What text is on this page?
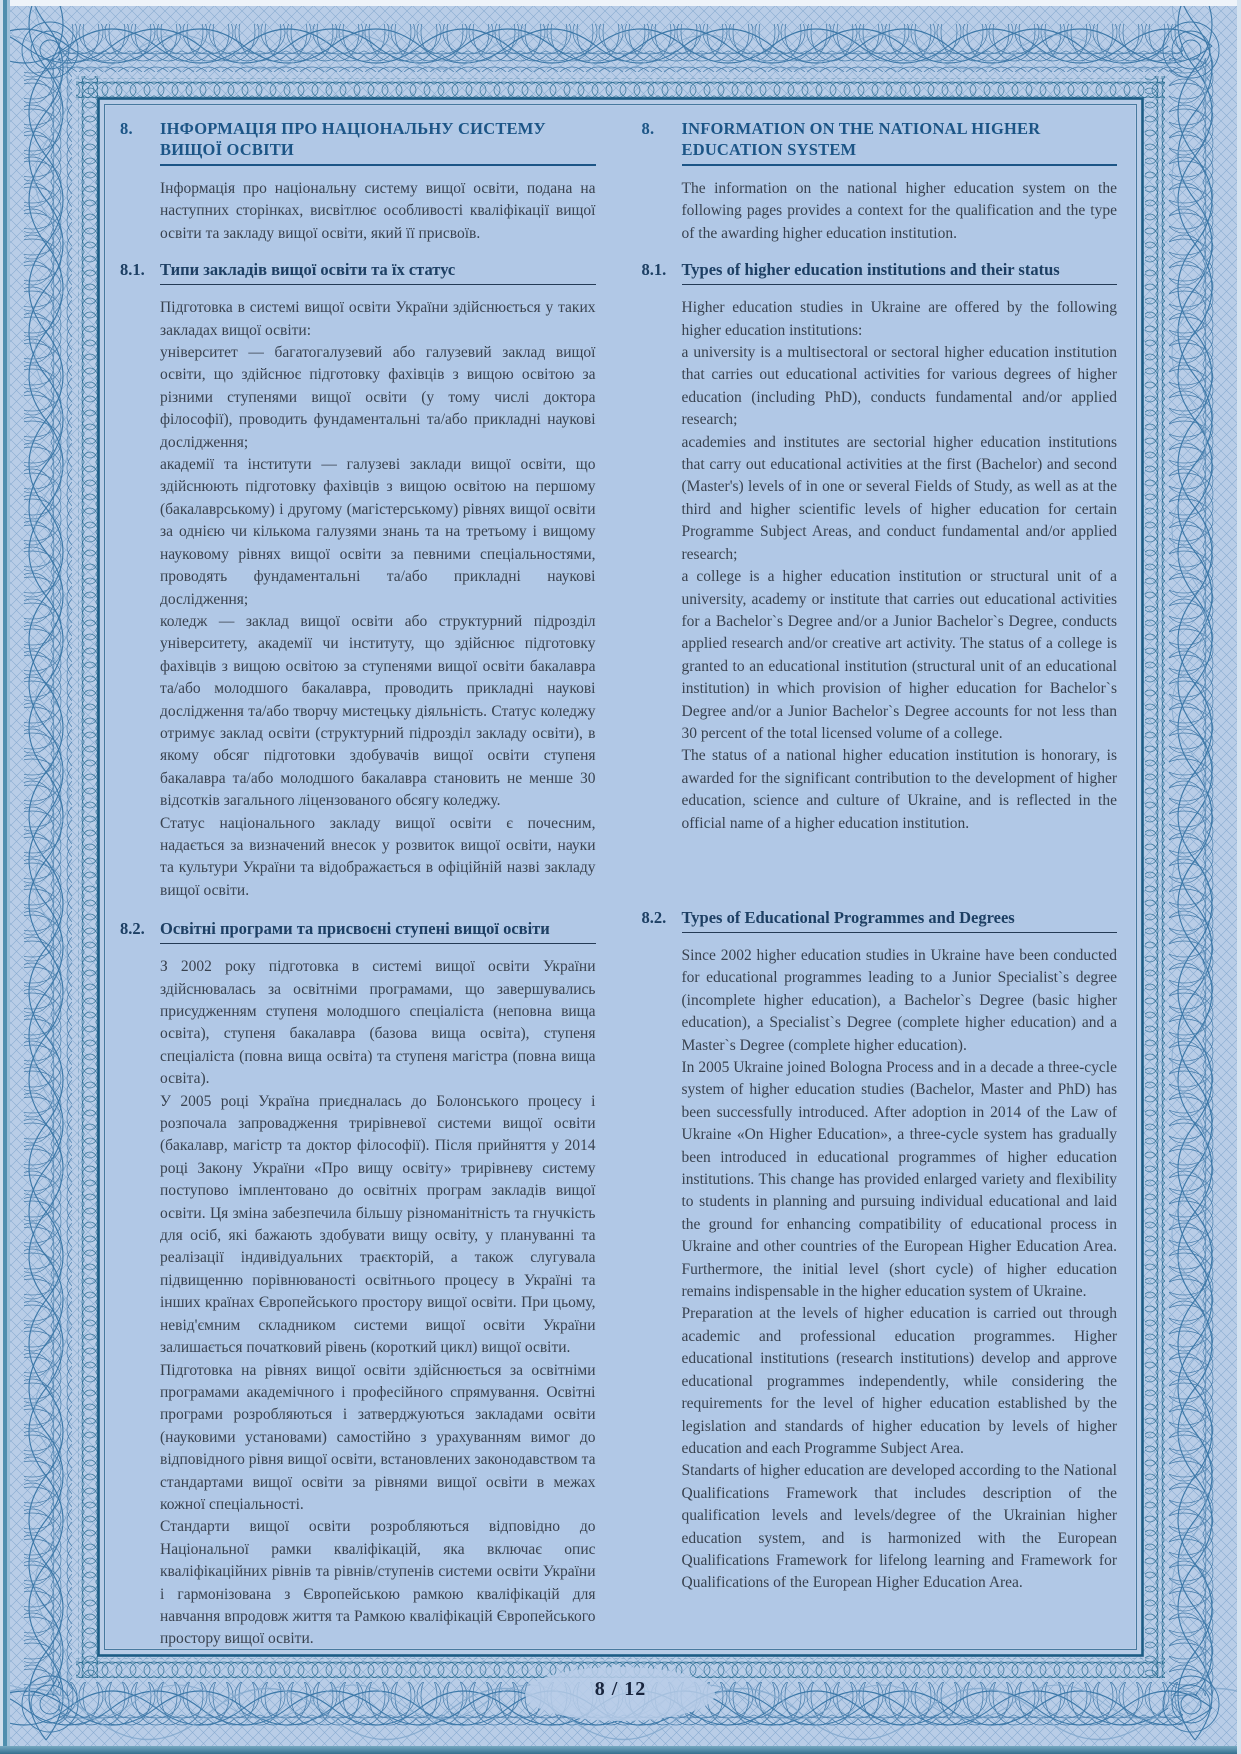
8.	ІНФОРМАЦІЯ ПРО НАЦІОНАЛЬНУ СИСТЕМУ ВИЩОЇ ОСВІТИ

Інформація про національну систему вищої освіти, подана на наступних сторінках, висвітлює особливості кваліфікації вищої освіти та закладу вищої освіти, який її присвоїв.

8.1. Типи закладів вищої освіти та їх статус

Підготовка в системі вищої освіти України здійснюється у таких закладах вищої освіти:

університет — багатогалузевий або галузевий заклад вищої освіти, що здійснює підготовку фахівців з вищою освітою за різними ступенями вищої освіти (у тому числі доктора філософії), проводить фундаментальні та/або прикладні наукові дослідження;

академії та інститути — галузеві заклади вищої освіти, що здійснюють підготовку фахівців з вищою освітою на першому (бакалаврському) і другому (магістерському) рівнях вищої освіти за однією чи кількома галузями знань та на третьому і вищому науковому рівнях вищої освіти за певними спеціальностями, проводять фундаментальні та/або прикладні наукові дослідження;

коледж — заклад вищої освіти або структурний підрозділ університету, академії чи інституту, що здійснює підготовку фахівців з вищою освітою за ступенями вищої освіти бакалавра та/або молодшого бакалавра, проводить прикладні наукові дослідження та/або творчу мистецьку діяльність. Статус коледжу отримує заклад освіти (структурний підрозділ закладу освіти), в якому обсяг підготовки здобувачів вищої освіти ступеня бакалавра та/або молодшого бакалавра становить не менше 30 відсотків загального ліцензованого обсягу коледжу.

Статус національного закладу вищої освіти є почесним, надається за визначений внесок у розвиток вищої освіти, науки та культури України та відображається в офіційній назві закладу вищої освіти.

8.2. Освітні програми та присвоєні ступені вищої освіти

З 2002 року підготовка в системі вищої освіти України здійснювалась за освітніми програмами, що завершувались присудженням ступеня молодшого спеціаліста (неповна вища освіта), ступеня бакалавра (базова вища освіта), ступеня спеціаліста (повна вища освіта) та ступеня магістра (повна вища освіта).

У 2005 році Україна приєдналась до Болонського процесу і розпочала запровадження трирівневої системи вищої освіти (бакалавр, магістр та доктор філософії). Після прийняття у 2014 році Закону України «Про вищу освіту» трирівневу систему поступово імплентовано до освітніх програм закладів вищої освіти. Ця зміна забезпечила більшу різноманітність та гнучкість для осіб, які бажають здобувати вищу освіту, у плануванні та реалізації індивідуальних траєкторій, а також слугувала підвищенню порівнюваності освітнього процесу в Україні та інших країнах Європейського простору вищої освіти. При цьому, невід'ємним складником системи вищої освіти України залишається початковий рівень (короткий цикл) вищої освіти.

Підготовка на рівнях вищої освіти здійснюється за освітніми програмами академічного і професійного спрямування. Освітні програми розробляються і затверджуються закладами освіти (науковими установами) самостійно з урахуванням вимог до відповідного рівня вищої освіти, встановлених законодавством та стандартами вищої освіти за рівнями вищої освіти в межах кожної спеціальності.

Стандарти вищої освіти розробляються відповідно до Національної рамки кваліфікацій, яка включає опис кваліфікаційних рівнів та рівнів/ступенів системи освіти України і гармонізована з Європейською рамкою кваліфікацій для навчання впродовж життя та Рамкою кваліфікацій Європейського простору вищої освіти.

8.	INFORMATION ON THE NATIONAL HIGHER EDUCATION SYSTEM

The information on the national higher education system on the following pages provides a context for the qualification and the type of the awarding higher education institution.

8.1. Types of higher education institutions and their status

Higher education studies in Ukraine are offered by the following higher education institutions:

a university is a multisectoral or sectoral higher education institution that carries out educational activities for various degrees of higher education (including PhD), conducts fundamental and/or applied research;

academies and institutes are sectorial higher education institutions that carry out educational activities at the first (Bachelor) and second (Master's) levels of in one or several Fields of Study, as well as at the third and higher scientific levels of higher education for certain Programme Subject Areas, and conduct fundamental and/or applied research;

a college is a higher education institution or structural unit of a university, academy or institute that carries out educational activities for a Bachelor`s Degree and/or a Junior Bachelor`s Degree, conducts applied research and/or creative art activity. The status of a college is granted to an educational institution (structural unit of an educational institution) in which provision of higher education for Bachelor`s Degree and/or a Junior Bachelor`s Degree accounts for not less than 30 percent of the total licensed volume of a college.

The status of a national higher education institution is honorary, is awarded for the significant contribution to the development of higher education, science and culture of Ukraine, and is reflected in the official name of a higher education institution.

8.2. Types of Educational Programmes and Degrees

Since 2002 higher education studies in Ukraine have been conducted for educational programmes leading to a Junior Specialist`s degree (incomplete higher education), a Bachelor`s Degree (basic higher education), a Specialist`s Degree (complete higher education) and a Master`s Degree (complete higher education).

In 2005 Ukraine joined Bologna Process and in a decade a three-cycle system of higher education studies (Bachelor, Master and PhD) has been successfully introduced. After adoption in 2014 of the Law of Ukraine «On Higher Education», a three-cycle system has gradually been introduced in educational programmes of higher education institutions. This change has provided enlarged variety and flexibility to students in planning and pursuing individual educational and laid the ground for enhancing compatibility of educational process in Ukraine and other countries of the European Higher Education Area. Furthermore, the initial level (short cycle) of higher education remains indispensable in the higher education system of Ukraine.

Preparation at the levels of higher education is carried out through academic and professional education programmes. Higher educational institutions (research institutions) develop and approve educational programmes independently, while considering the requirements for the level of higher education established by the legislation and standards of higher education by levels of higher education and each Programme Subject Area.

Standarts of higher education are developed according to the National Qualifications Framework that includes description of the qualification levels and levels/degree of the Ukrainian higher education system, and is harmonized with the European Qualifications Framework for lifelong learning and Framework for Qualifications of the European Higher Education Area.

8 / 12
